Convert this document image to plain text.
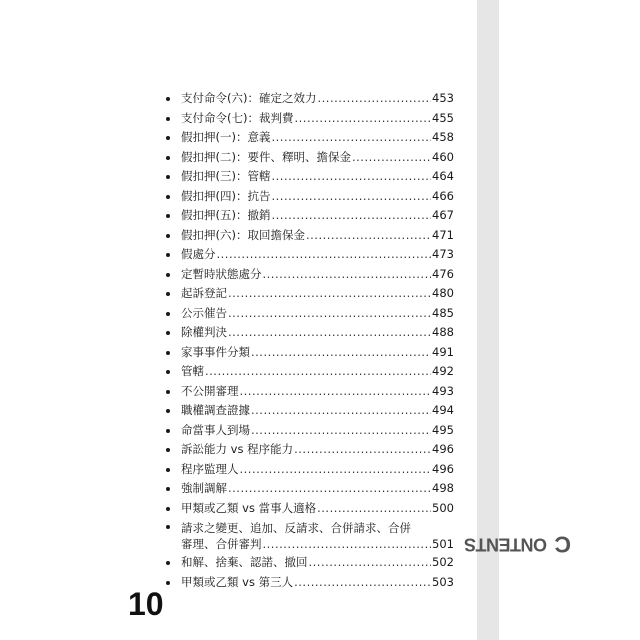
C
ONTENTS
支付命令(六)：確定之效力 .....	453
支付命令(七)：裁判費 .....	455
假扣押(一)：意義 .....	458
假扣押(二)：要件、釋明、擔保金 .....	460
假扣押(三)：管轄 .....	464
假扣押(四)：抗告 .....	466
假扣押(五)：撤銷 .....	467
假扣押(六)：取回擔保金 .....	471
假處分 .....	473
定暫時狀態處分 .....	476
起訴登記 .....	480
公示催告 .....	485
除權判決 .....	488
家事事件分類 .....	491
管轄 .....	492
不公開審理 .....	493
職權調查證據 .....	494
命當事人到場 .....	495
訴訟能力 vs 程序能力 .....	496
程序監理人 .....	496
強制調解 .....	498
甲類或乙類 vs 當事人適格 .....	500
請求之變更、追加、反請求、合併請求、合併
審理、合併審判 .....	501
和解、捨棄、認諾、撤回 .....	502
甲類或乙類 vs 第三人 .....	503
10
